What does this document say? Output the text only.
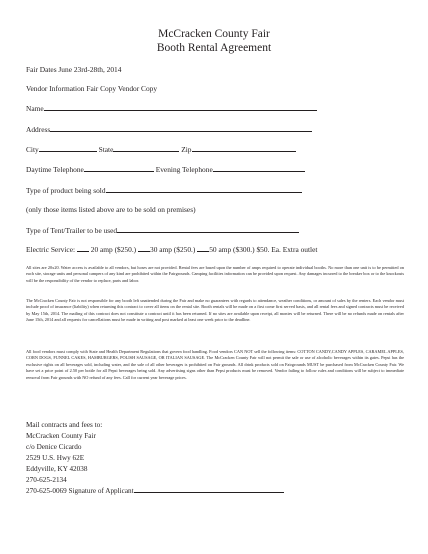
McCracken County Fair
Booth Rental Agreement
Fair Dates June 23rd-28th, 2014
Vendor Information Fair Copy Vendor Copy
Name
Address
City	State	Zip
Daytime Telephone	Evening Telephone
Type of product being sold
(only those items listed above are to be sold on premises)
Type of Tent/Trailer to be used
Electric Service: 20 amp ($250.) 30 amp ($250.) 50 amp ($300.) $50. Ea. Extra outlet
All sites are 20x20. Water access is available to all vendors, but hoses are not provided. Rental fees are based upon the number of amps required to operate individual booths. No more than one unit is to be permitted on each site, storage units and personal campers of any kind are prohibited within the Fairgrounds. Camping facilities information can be provided upon request. Any damages incurred to the breaker box or to the knockouts will be the responsibility of the vendor to replace, parts and labor.
The McCracken County Fair is not responsible for any booth left unattended during the Fair and make no guarantees with regards to attendance, weather conditions, or amount of sales by the renters. Each vendor must include proof of insurance (liability) when returning this contract to cover all items on the rental site. Booth rentals will be made on a first come first served basis, and all rental fees and signed contracts must be received by May 15th, 2014. The mailing of this contract does not constitute a contract until it has been returned. If no sites are available upon receipt, all monies will be returned. There will be no refunds made on rentals after June 15th, 2014 and all requests for cancellations must be made in writing and post marked at least one week prior to the deadline.
All food vendors must comply with State and Health Department Regulations that govern food handling. Food vendors CAN NOT sell the following items: COTTON CANDY,CANDY APPLES, CARAMEL APPLES, CORN DOGS, FUNNEL CAKES, HAMBURGERS, POLISH SAUSAGE, OR ITALIAN SAUSAGE. The McCracken County Fair will not permit the sale or use of alcoholic beverages within its gates. Pepsi has the exclusive rights on all beverages sold, including water, and the sale of all other beverages is prohibited on Fair grounds. All drink products sold on Fairgrounds MUST be purchased from McCracken County Fair. We have set a price point of 2.50 per bottle for all Pepsi beverages being sold. Any advertising signs other than Pepsi products must be removed. Vendor failing to follow rules and conditions will be subject to immediate removal from Fair grounds with NO refund of any fees. Call for current year beverage prices.
Mail contracts and fees to:
McCracken County Fair
c/o Denice Cicardo
2529 U.S. Hwy 62E
Eddyville, KY 42038
270-625-2134
270-625-0069 Signature of Applicant
